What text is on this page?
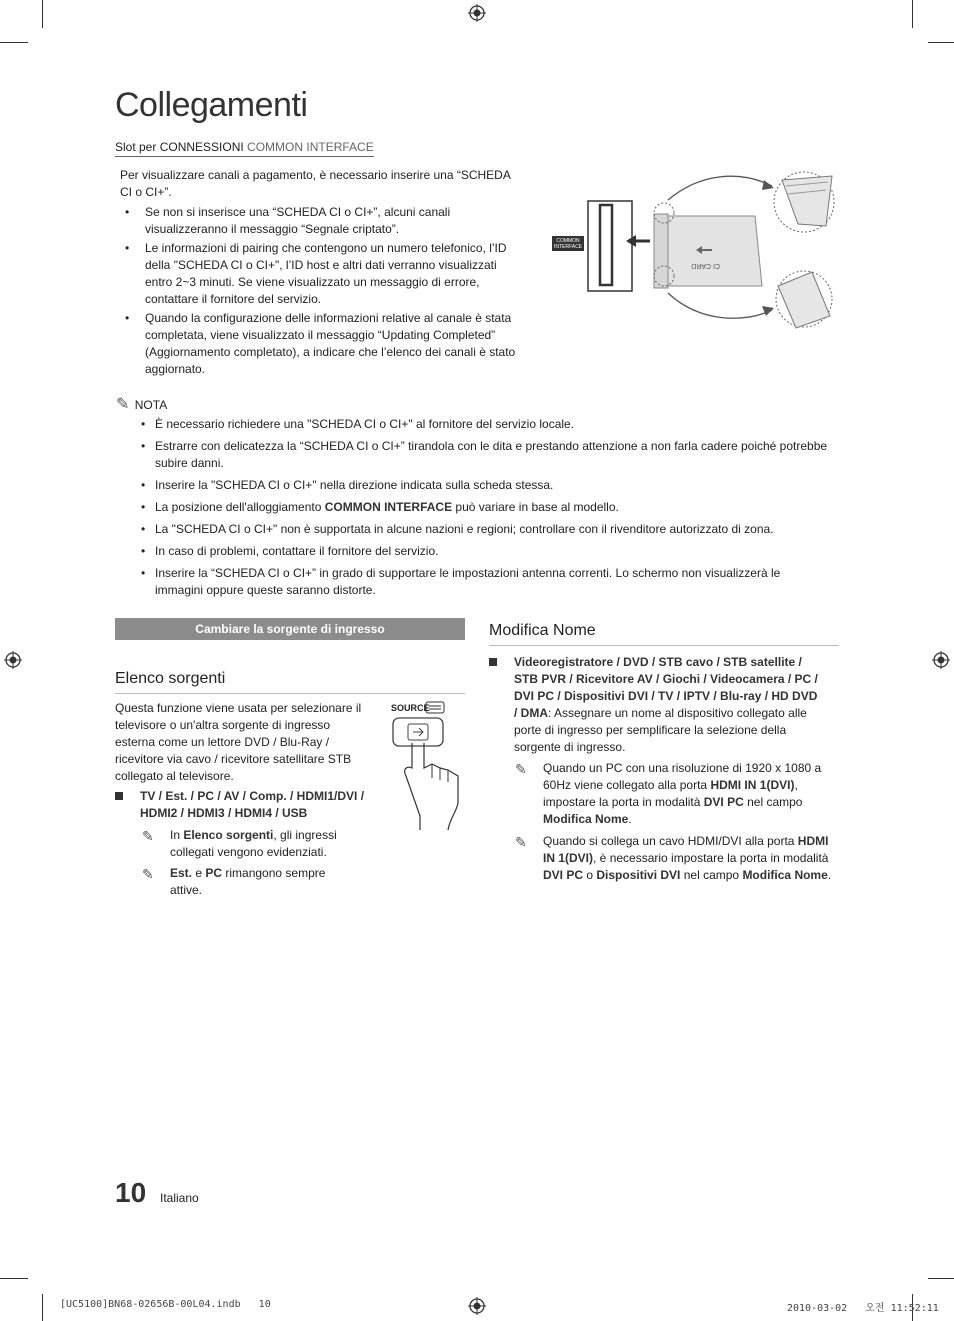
Collegamenti
Slot per CONNESSIONI COMMON INTERFACE
Per visualizzare canali a pagamento, è necessario inserire una “SCHEDA CI o CI+”.
• Se non si inserisce una “SCHEDA CI o CI+”, alcuni canali visualizzeranno il messaggio “Segnale criptato”.
• Le informazioni di pairing che contengono un numero telefonico, l’ID della "SCHEDA CI o CI+", l’ID host e altri dati verranno visualizzati entro 2~3 minuti. Se viene visualizzato un messaggio di errore, contattare il fornitore del servizio.
• Quando la configurazione delle informazioni relative al canale è stata completata, viene visualizzato il messaggio “Updating Completed” (Aggiornamento completato), a indicare che l’elenco dei canali è stato aggiornato.
COMMON
INTERFACE
CI CARD
✎ NOTA
• È necessario richiedere una "SCHEDA CI o CI+" al fornitore del servizio locale.
• Estrarre con delicatezza la “SCHEDA CI o CI+” tirandola con le dita e prestando attenzione a non farla cadere poiché potrebbe subire danni.
• Inserire la "SCHEDA CI o CI+" nella direzione indicata sulla scheda stessa.
• La posizione dell'alloggiamento COMMON INTERFACE può variare in base al modello.
• La "SCHEDA CI o CI+" non è supportata in alcune nazioni e regioni; controllare con il rivenditore autorizzato di zona.
• In caso di problemi, contattare il fornitore del servizio.
• Inserire la “SCHEDA CI o CI+” in grado di supportare le impostazioni antenna correnti. Lo schermo non visualizzerà le immagini oppure queste saranno distorte.
Cambiare la sorgente di ingresso
Elenco sorgenti
Questa funzione viene usata per selezionare il televisore o un'altra sorgente di ingresso esterna come un lettore DVD / Blu-Ray / ricevitore via cavo / ricevitore satellitare STB collegato al televisore.
SOURCE
TV / Est. / PC / AV / Comp. / HDMI1/DVI / HDMI2 / HDMI3 / HDMI4 / USB
✎ In Elenco sorgenti, gli ingressi collegati vengono evidenziati.
✎ Est. e PC rimangono sempre attive.
Modifica Nome
Videoregistratore / DVD / STB cavo / STB satellite / STB PVR / Ricevitore AV / Giochi / Videocamera / PC / DVI PC / Dispositivi DVI / TV / IPTV / Blu-ray / HD DVD / DMA: Assegnare un nome al dispositivo collegato alle porte di ingresso per semplificare la selezione della sorgente di ingresso.
✎ Quando un PC con una risoluzione di 1920 x 1080 a 60Hz viene collegato alla porta HDMI IN 1(DVI), impostare la porta in modalità DVI PC nel campo Modifica Nome.
✎ Quando si collega un cavo HDMI/DVI alla porta HDMI IN 1(DVI), è necessario impostare la porta in modalità DVI PC o Dispositivi DVI nel campo Modifica Nome.
10 Italiano
[UC5100]BN68-02656B-00L04.indb   10	2010-03-02   오전 11:52:11
